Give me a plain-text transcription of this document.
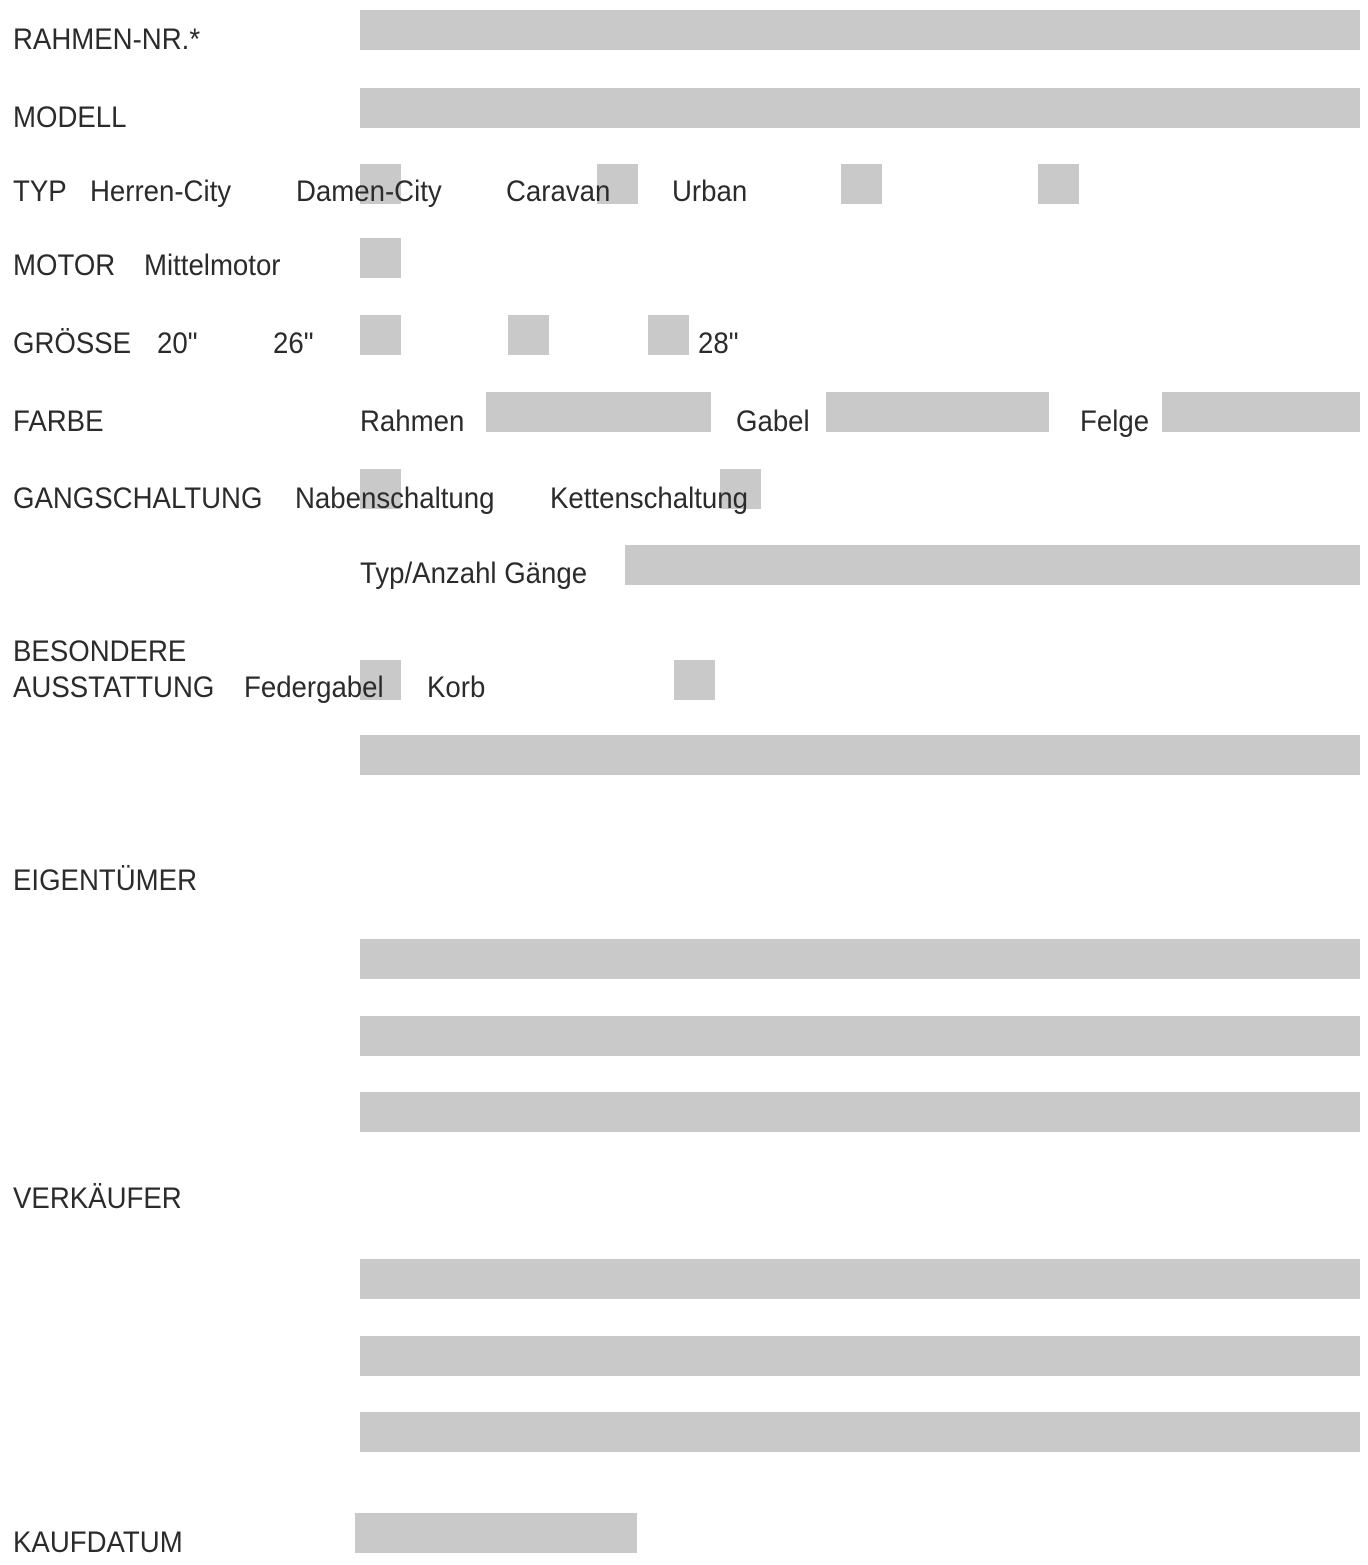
RAHMEN-NR.*
MODELL
TYP Herren-City Damen-City Caravan Urban
MOTOR Mittelmotor
GRÖSSE 20"	26"	28"
FARBE	Rahmen	Gabel	Felge
GANGSCHALTUNG Nabenschaltung Kettenschaltung
Typ/Anzahl Gänge
BESONDERE
AUSSTATTUNG Federgabel Korb
EIGENTÜMER
VERKÄUFER
KAUFDATUM
